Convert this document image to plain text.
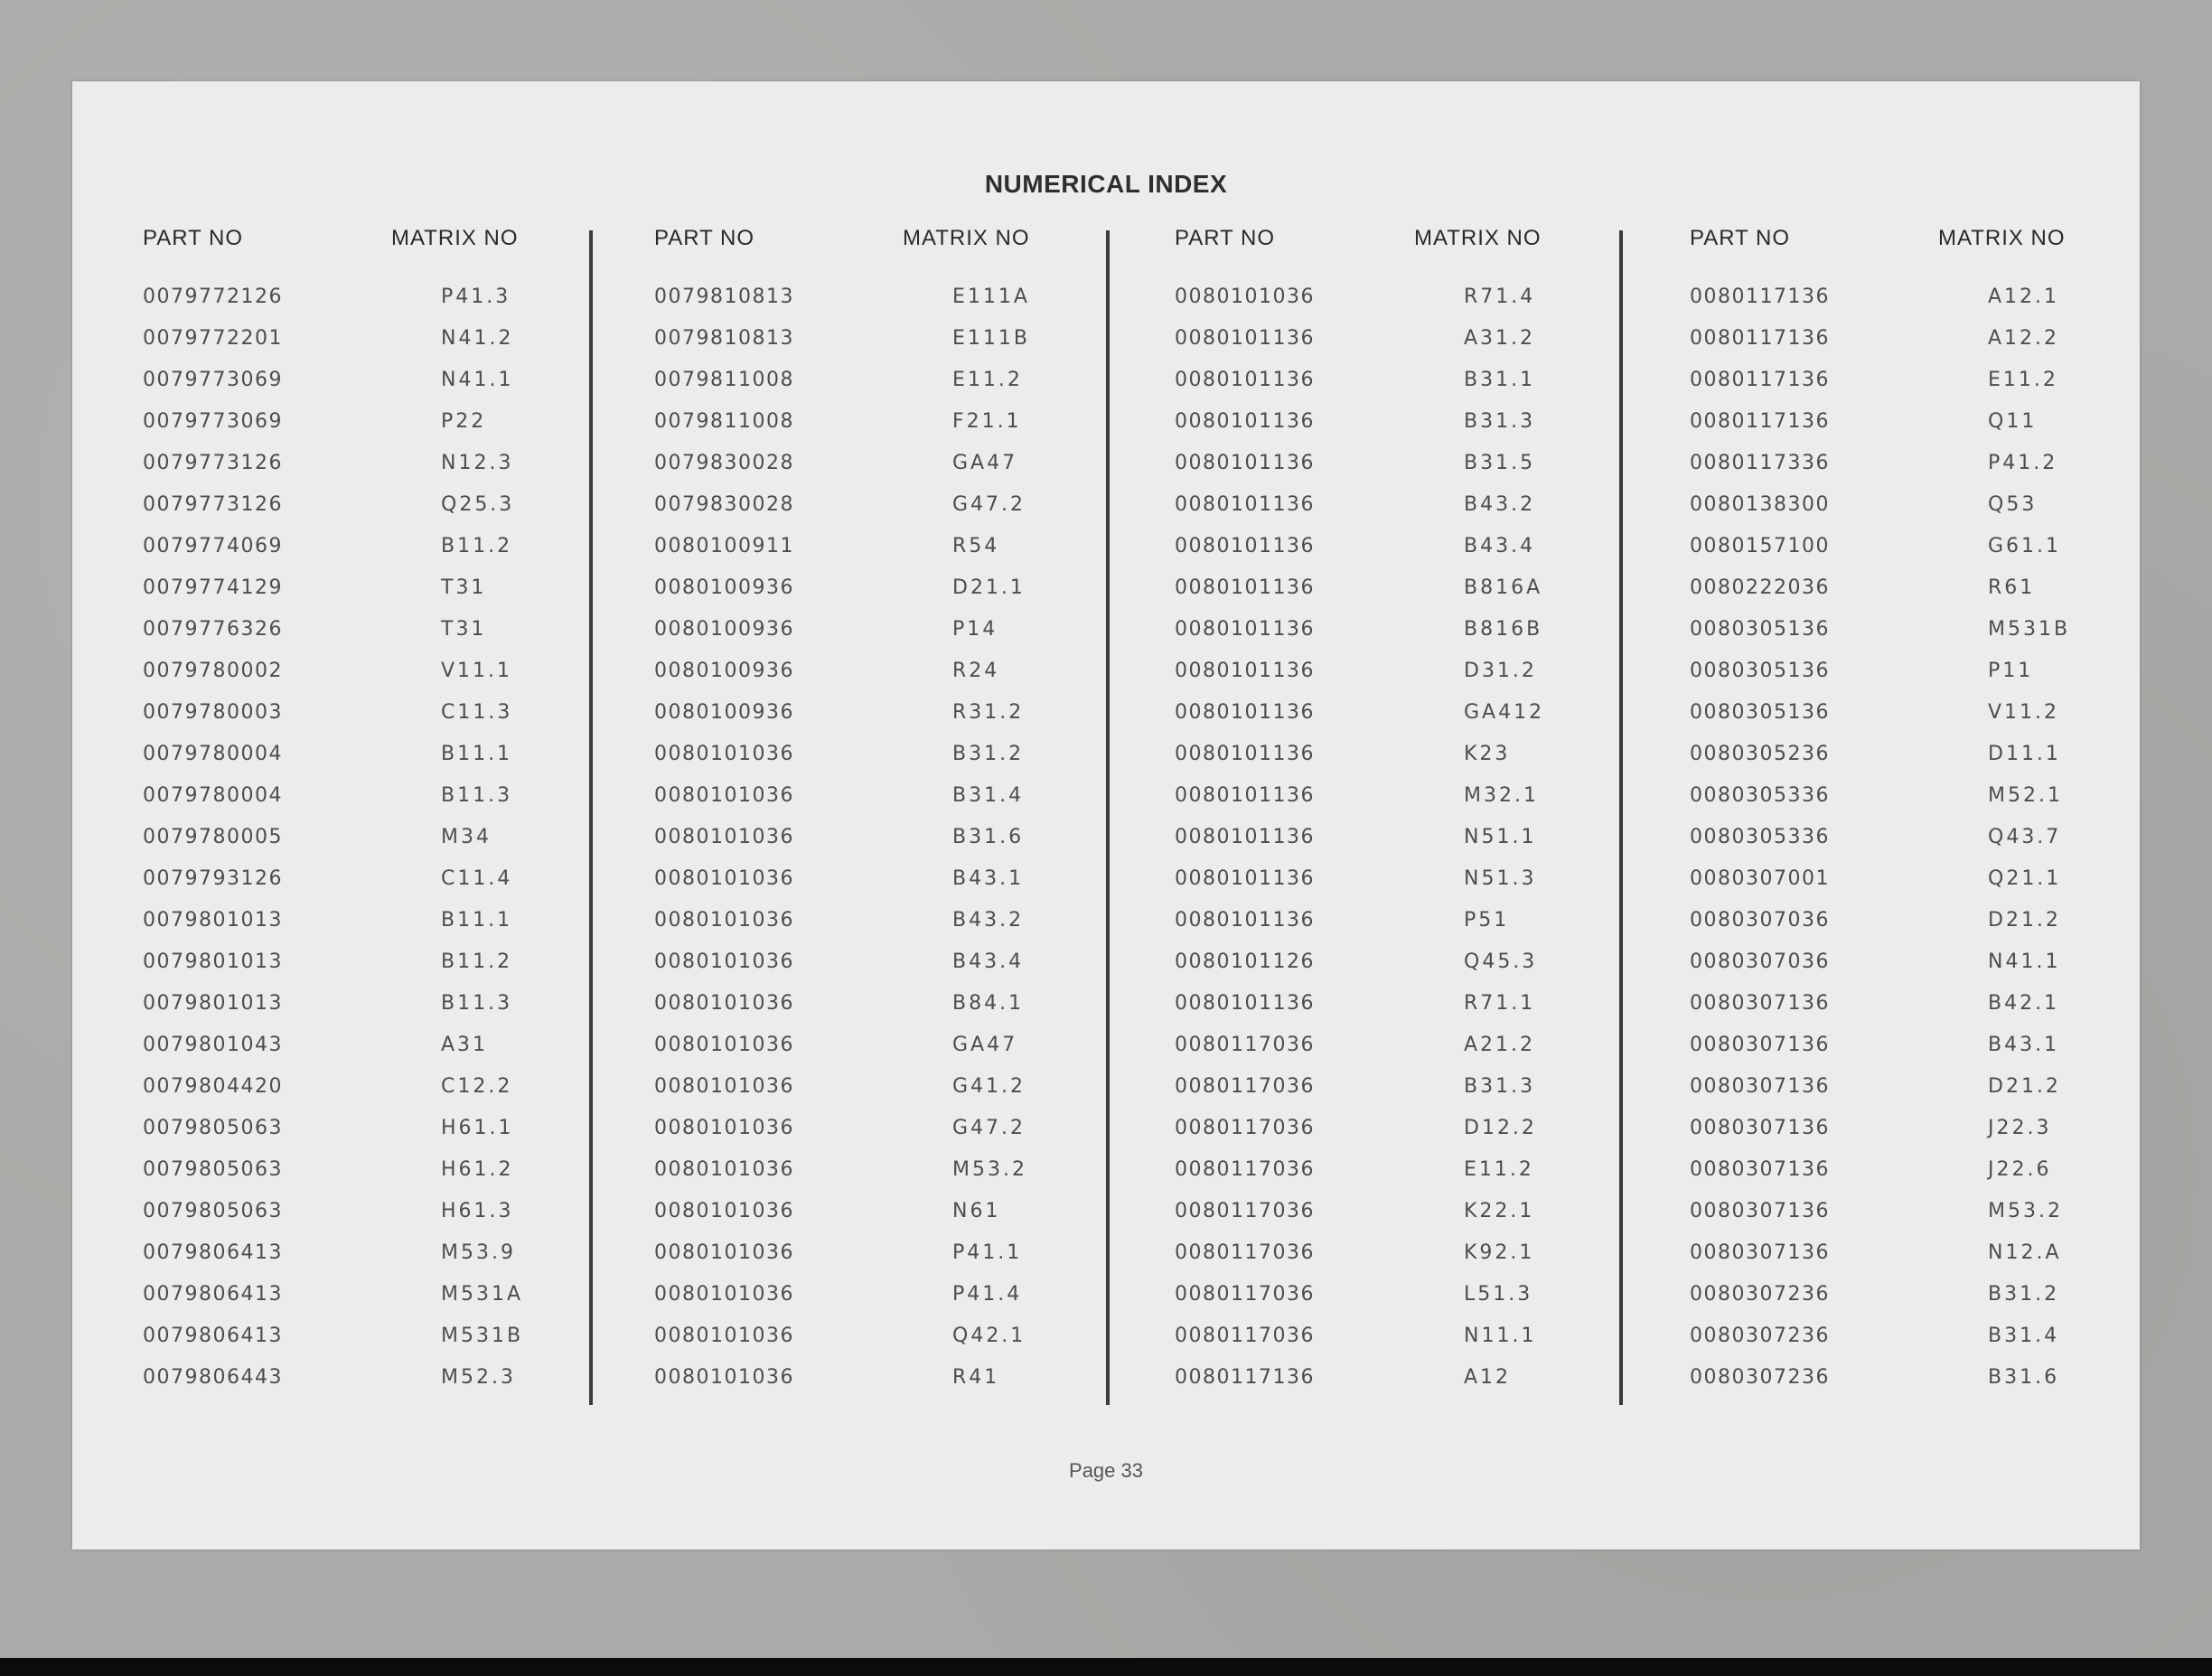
NUMERICAL INDEX
PART NO	MATRIX NO
0079772126	P41.3
0079772201	N41.2
0079773069	N41.1
0079773069	P22
0079773126	N12.3
0079773126	Q25.3
0079774069	B11.2
0079774129	T31
0079776326	T31
0079780002	V11.1
0079780003	C11.3
0079780004	B11.1
0079780004	B11.3
0079780005	M34
0079793126	C11.4
0079801013	B11.1
0079801013	B11.2
0079801013	B11.3
0079801043	A31
0079804420	C12.2
0079805063	H61.1
0079805063	H61.2
0079805063	H61.3
0079806413	M53.9
0079806413	M531A
0079806413	M531B
0079806443	M52.3
PART NO	MATRIX NO
0079810813	E111A
0079810813	E111B
0079811008	E11.2
0079811008	F21.1
0079830028	GA47
0079830028	G47.2
0080100911	R54
0080100936	D21.1
0080100936	P14
0080100936	R24
0080100936	R31.2
0080101036	B31.2
0080101036	B31.4
0080101036	B31.6
0080101036	B43.1
0080101036	B43.2
0080101036	B43.4
0080101036	B84.1
0080101036	GA47
0080101036	G41.2
0080101036	G47.2
0080101036	M53.2
0080101036	N61
0080101036	P41.1
0080101036	P41.4
0080101036	Q42.1
0080101036	R41
PART NO	MATRIX NO
0080101036	R71.4
0080101136	A31.2
0080101136	B31.1
0080101136	B31.3
0080101136	B31.5
0080101136	B43.2
0080101136	B43.4
0080101136	B816A
0080101136	B816B
0080101136	D31.2
0080101136	GA412
0080101136	K23
0080101136	M32.1
0080101136	N51.1
0080101136	N51.3
0080101136	P51
0080101126	Q45.3
0080101136	R71.1
0080117036	A21.2
0080117036	B31.3
0080117036	D12.2
0080117036	E11.2
0080117036	K22.1
0080117036	K92.1
0080117036	L51.3
0080117036	N11.1
0080117136	A12
PART NO	MATRIX NO
0080117136	A12.1
0080117136	A12.2
0080117136	E11.2
0080117136	Q11
0080117336	P41.2
0080138300	Q53
0080157100	G61.1
0080222036	R61
0080305136	M531B
0080305136	P11
0080305136	V11.2
0080305236	D11.1
0080305336	M52.1
0080305336	Q43.7
0080307001	Q21.1
0080307036	D21.2
0080307036	N41.1
0080307136	B42.1
0080307136	B43.1
0080307136	D21.2
0080307136	J22.3
0080307136	J22.6
0080307136	M53.2
0080307136	N12.A
0080307236	B31.2
0080307236	B31.4
0080307236	B31.6
Page 33
